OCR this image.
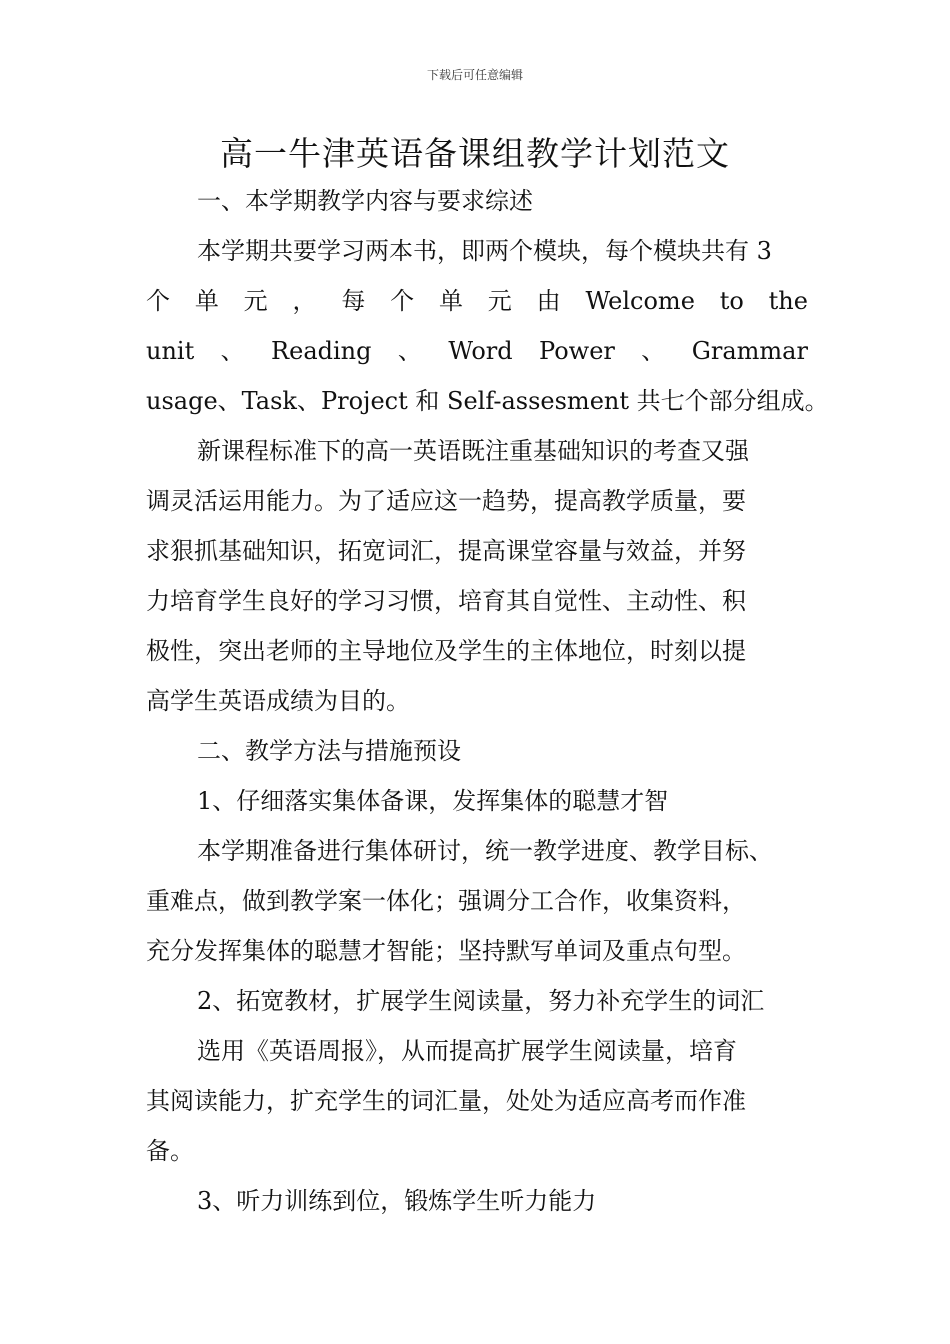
下载后可任意编辑
高一牛津英语备课组教学计划范文
一、本学期教学内容与要求综述
本学期共要学习两本书，即两个模块，每个模块共有 3
个 单 元 ， 每 个 单 元 由 Welcome to the
unit 、 Reading 、 Word Power 、 Grammar
usage、Task、Project 和 Self-assesment 共七个部分组成。
新课程标准下的高一英语既注重基础知识的考查又强
调灵活运用能力。为了适应这一趋势，提高教学质量，要
求狠抓基础知识，拓宽词汇，提高课堂容量与效益，并努
力培育学生良好的学习习惯，培育其自觉性、主动性、积
极性，突出老师的主导地位及学生的主体地位，时刻以提
高学生英语成绩为目的。
二、教学方法与措施预设
1、仔细落实集体备课，发挥集体的聪慧才智
本学期准备进行集体研讨，统一教学进度、教学目标、
重难点，做到教学案一体化；强调分工合作，收集资料，
充分发挥集体的聪慧才智能；坚持默写单词及重点句型。
2、拓宽教材，扩展学生阅读量，努力补充学生的词汇
选用《英语周报》，从而提高扩展学生阅读量，培育
其阅读能力，扩充学生的词汇量，处处为适应高考而作准
备。
3、听力训练到位，锻炼学生听力能力
